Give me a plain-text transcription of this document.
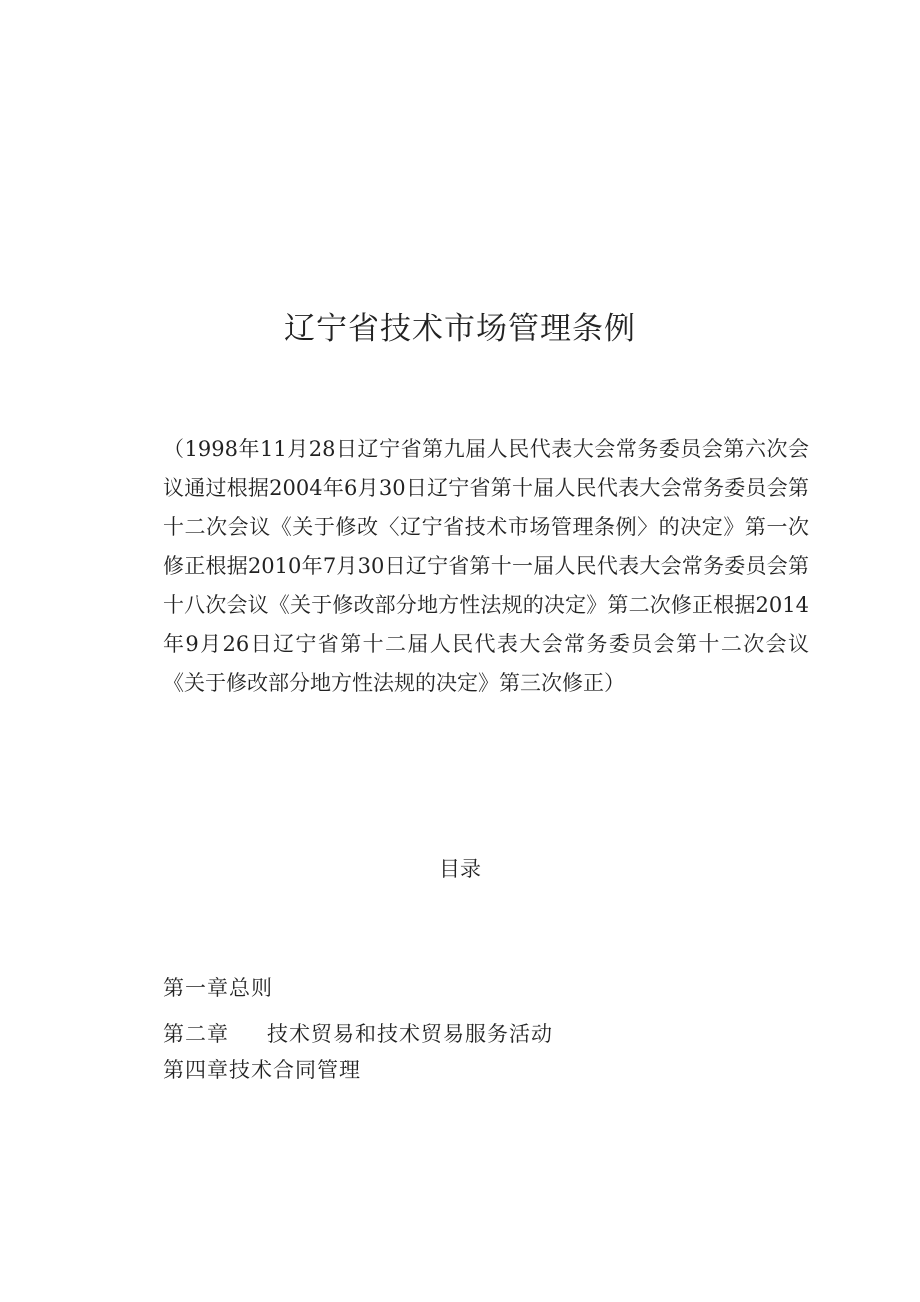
辽宁省技术市场管理条例

（1998年11月28日辽宁省第九届人民代表大会常务委员会第六次会议通过根据2004年6月30日辽宁省第十届人民代表大会常务委员会第十二次会议《关于修改〈辽宁省技术市场管理条例〉的决定》第一次修正根据2010年7月30日辽宁省第十一届人民代表大会常务委员会第十八次会议《关于修改部分地方性法规的决定》第二次修正根据2014年9月26日辽宁省第十二届人民代表大会常务委员会第十二次会议《关于修改部分地方性法规的决定》第三次修正）

目录
第一章总则
第二章 技术贸易和技术贸易服务活动
第四章技术合同管理
